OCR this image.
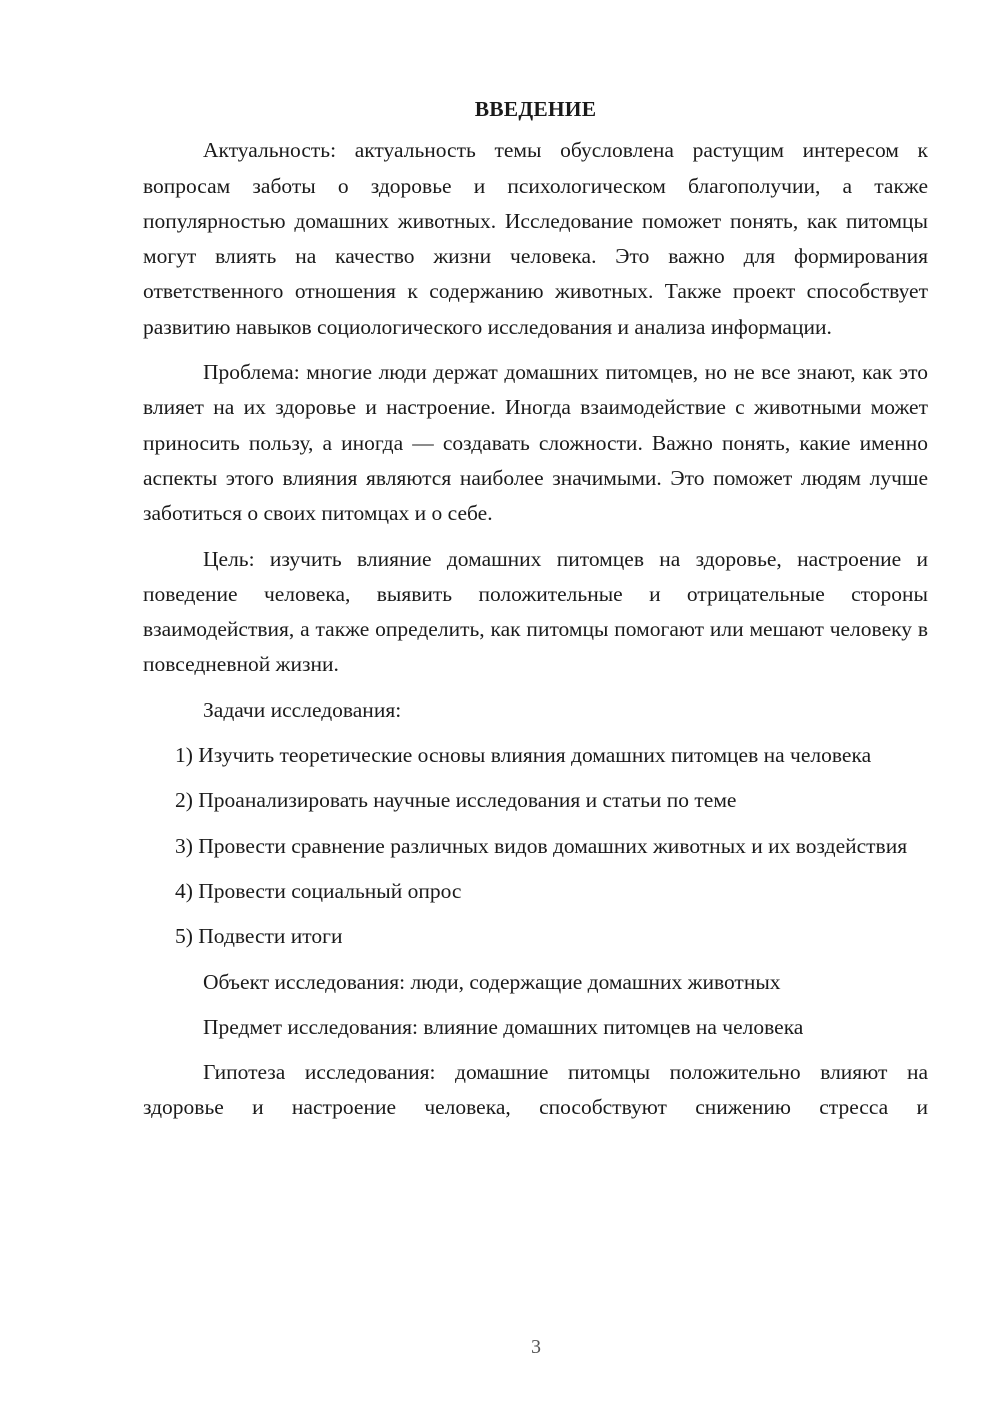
ВВЕДЕНИЕ

Актуальность: актуальность темы обусловлена растущим интересом к вопросам заботы о здоровье и психологическом благополучии, а также популярностью домашних животных. Исследование поможет понять, как питомцы могут влиять на качество жизни человека. Это важно для формирования ответственного отношения к содержанию животных. Также проект способствует развитию навыков социологического исследования и анализа информации.

Проблема: многие люди держат домашних питомцев, но не все знают, как это влияет на их здоровье и настроение. Иногда взаимодействие с животными может приносить пользу, а иногда — создавать сложности. Важно понять, какие именно аспекты этого влияния являются наиболее значимыми. Это поможет людям лучше заботиться о своих питомцах и о себе.

Цель: изучить влияние домашних питомцев на здоровье, настроение и поведение человека, выявить положительные и отрицательные стороны взаимодействия, а также определить, как питомцы помогают или мешают человеку в повседневной жизни.

Задачи исследования:

1) Изучить теоретические основы влияния домашних питомцев на человека

2) Проанализировать научные исследования и статьи по теме

3) Провести сравнение различных видов домашних животных и их воздействия

4) Провести социальный опрос

5) Подвести итоги

Объект исследования: люди, содержащие домашних животных

Предмет исследования: влияние домашних питомцев на человека

Гипотеза исследования: домашние питомцы положительно влияют на здоровье и настроение человека, способствуют снижению стресса и

3
